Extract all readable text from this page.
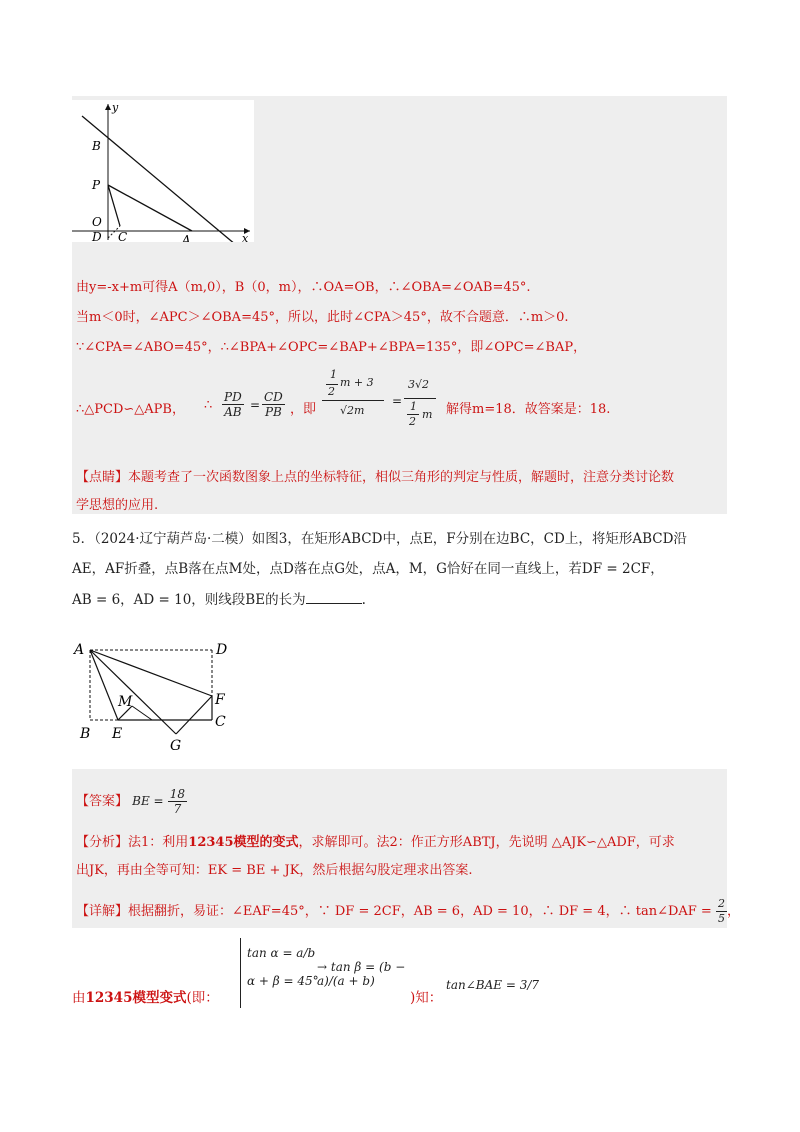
y
x
B
P
O
D C	A
由y=-x+m可得A（m,0），B（0，m），∴OA=OB，∴∠OBA=∠OAB=45°.
当m＜0时，∠APC＞∠OBA=45°，所以，此时∠CPA＞45°，故不合题意．∴m＞0.
∵∠CPA=∠ABO=45°，∴∠BPA+∠OPC=∠BAP+∠BPA=135°，即∠OPC=∠BAP，
∴△PCD∽△APB， ∴ $\frac{PD}{AB} = \frac{CD}{PB}$ ，即
1
2
m + 3
√2m
=
3√2
1
2
m 解得m=18．故答案是：18.
【点睛】本题考查了一次函数图象上点的坐标特征，相似三角形的判定与性质，解题时，注意分类讨论数
学思想的应用.
5．（2024·辽宁葫芦岛·二模）如图3，在矩形ABCD中，点E，F分别在边BC，CD上，将矩形ABCD沿
AE，AF折叠，点B落在点M处，点D落在点G处，点A，M，G恰好在同一直线上，若DF = 2CF，
AB = 6，AD = 10，则线段BE的长为	.
A	D
M	F
C
B E
G
【答案】 BE = $\frac{18}{7}$
【分析】法1：利用12345模型的变式，求解即可。法2：作正方形ABTJ，先说明 △AJK∽△ADF，可求
出JK，再由全等可知：EK = BE + JK，然后根据勾股定理求出答案.
【详解】根据翻折，易证：∠EAF=45°，∵ DF = 2CF，AB = 6，AD = 10，∴ DF = 4，∴ tan∠DAF = $\frac{2}{5}$ ，
tan α = a/b
α + β = 45°
→ tan β = (b − a)/(a + b)
由12345模型变式(即：	)知：
tan∠BAE = 3/7
